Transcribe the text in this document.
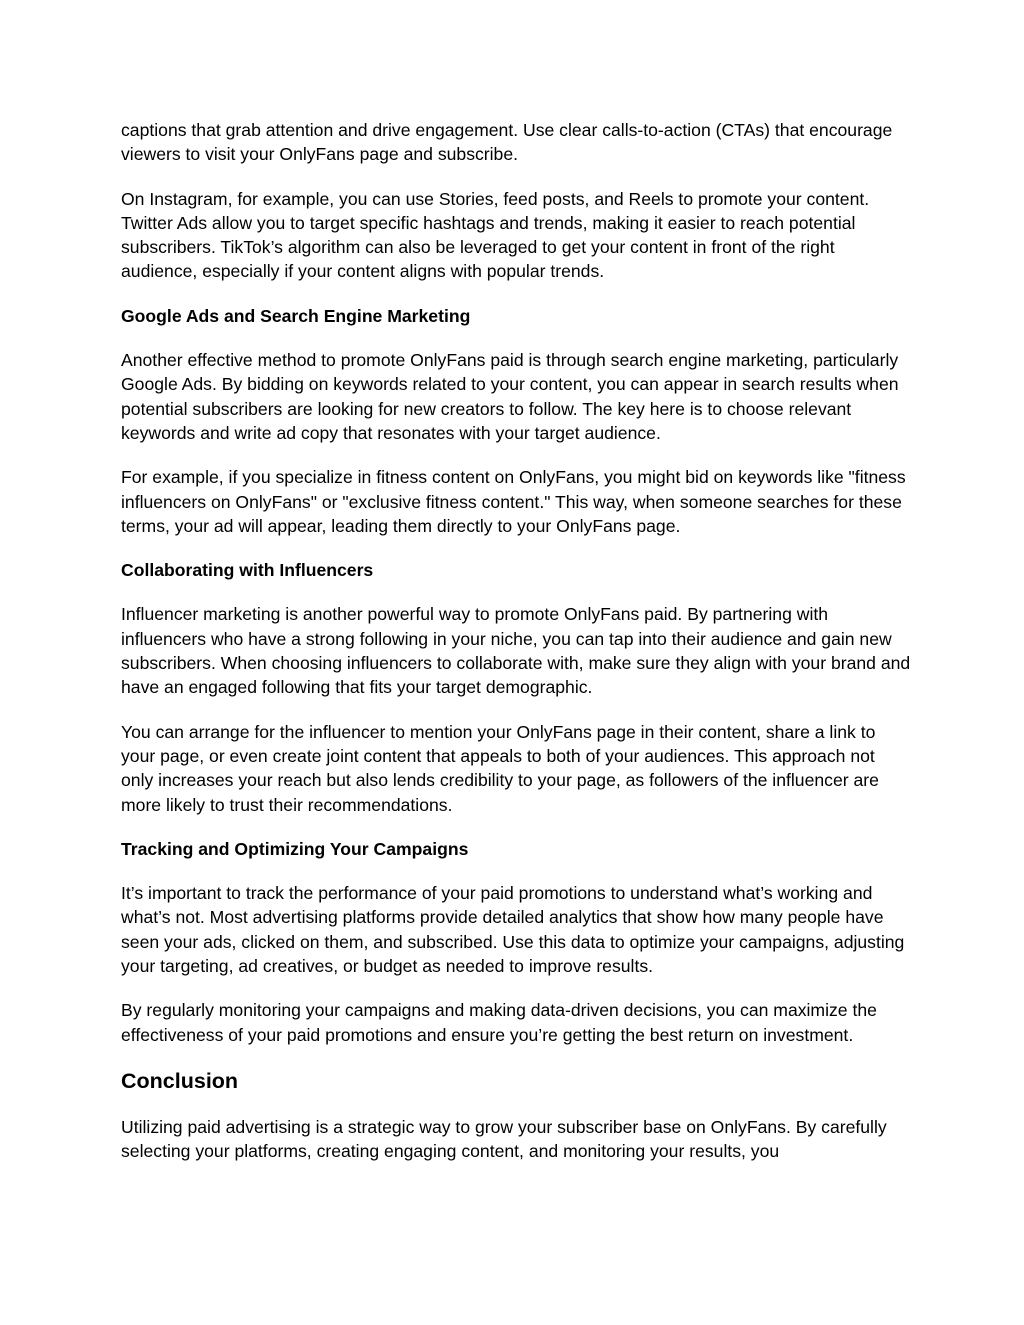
captions that grab attention and drive engagement. Use clear calls-to-action (CTAs) that encourage viewers to visit your OnlyFans page and subscribe.

On Instagram, for example, you can use Stories, feed posts, and Reels to promote your content. Twitter Ads allow you to target specific hashtags and trends, making it easier to reach potential subscribers. TikTok’s algorithm can also be leveraged to get your content in front of the right audience, especially if your content aligns with popular trends.

Google Ads and Search Engine Marketing

Another effective method to promote OnlyFans paid is through search engine marketing, particularly Google Ads. By bidding on keywords related to your content, you can appear in search results when potential subscribers are looking for new creators to follow. The key here is to choose relevant keywords and write ad copy that resonates with your target audience.

For example, if you specialize in fitness content on OnlyFans, you might bid on keywords like "fitness influencers on OnlyFans" or "exclusive fitness content." This way, when someone searches for these terms, your ad will appear, leading them directly to your OnlyFans page.

Collaborating with Influencers

Influencer marketing is another powerful way to promote OnlyFans paid. By partnering with influencers who have a strong following in your niche, you can tap into their audience and gain new subscribers. When choosing influencers to collaborate with, make sure they align with your brand and have an engaged following that fits your target demographic.

You can arrange for the influencer to mention your OnlyFans page in their content, share a link to your page, or even create joint content that appeals to both of your audiences. This approach not only increases your reach but also lends credibility to your page, as followers of the influencer are more likely to trust their recommendations.

Tracking and Optimizing Your Campaigns

It’s important to track the performance of your paid promotions to understand what’s working and what’s not. Most advertising platforms provide detailed analytics that show how many people have seen your ads, clicked on them, and subscribed. Use this data to optimize your campaigns, adjusting your targeting, ad creatives, or budget as needed to improve results.

By regularly monitoring your campaigns and making data-driven decisions, you can maximize the effectiveness of your paid promotions and ensure you’re getting the best return on investment.

Conclusion

Utilizing paid advertising is a strategic way to grow your subscriber base on OnlyFans. By carefully selecting your platforms, creating engaging content, and monitoring your results, you
